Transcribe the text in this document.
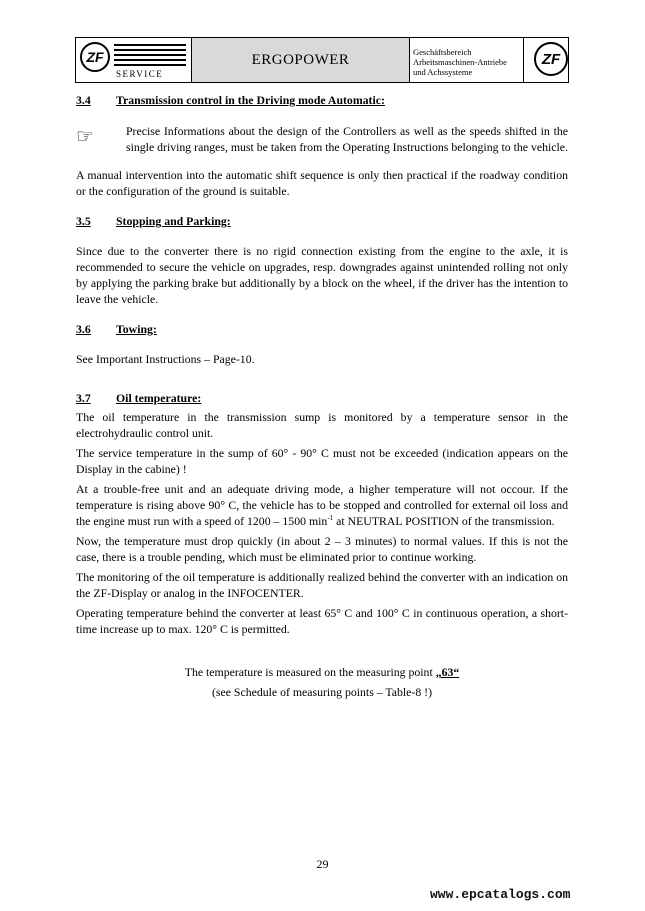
ZF
SERVICE
ERGOPOWER	Geschäftsbereich
Arbeitsmaschinen-Antriebe
und Achssysteme
ZF

3.4 Transmission control in the Driving mode Automatic:

☞	Precise Informations about the design of the Controllers as well as the speeds shifted in the single driving ranges, must be taken from the Operating Instructions belonging to the vehicle.

A manual intervention into the automatic shift sequence is only then practical if the roadway condition or the configuration of the ground is suitable.

3.5 Stopping and Parking:

Since due to the converter there is no rigid connection existing from the engine to the axle, it is recommended to secure the vehicle on upgrades, resp. downgrades against unintended rolling not only by applying the parking brake but additionally by a block on the wheel, if the driver has the intention to leave the vehicle.

3.6 Towing:

See Important Instructions – Page-10.

3.7 Oil temperature:

The oil temperature in the transmission sump is monitored by a temperature sensor in the electrohydraulic control unit.

The service temperature in the sump of 60° - 90° C must not be exceeded (indication appears on the Display in the cabine) !

At a trouble-free unit and an adequate driving mode, a higher temperature will not occour. If the temperature is rising above 90° C, the vehicle has to be stopped and controlled for external oil loss and the engine must run with a speed of 1200 – 1500 $\min^{-1}$ at NEUTRAL POSITION of the transmission.

Now, the temperature must drop quickly (in about 2 – 3 minutes) to normal values. If this is not the case, there is a trouble pending, which must be eliminated prior to continue working.

The monitoring of the oil temperature is additionally realized behind the converter with an indication on the ZF-Display or analog in the INFOCENTER.

Operating temperature behind the converter at least 65° C and 100° C in continuous operation, a short-time increase up to max. 120° C is permitted.

The temperature is measured on the measuring point „63“

(see Schedule of measuring points – Table-8 !)

29
www.epcatalogs.com
